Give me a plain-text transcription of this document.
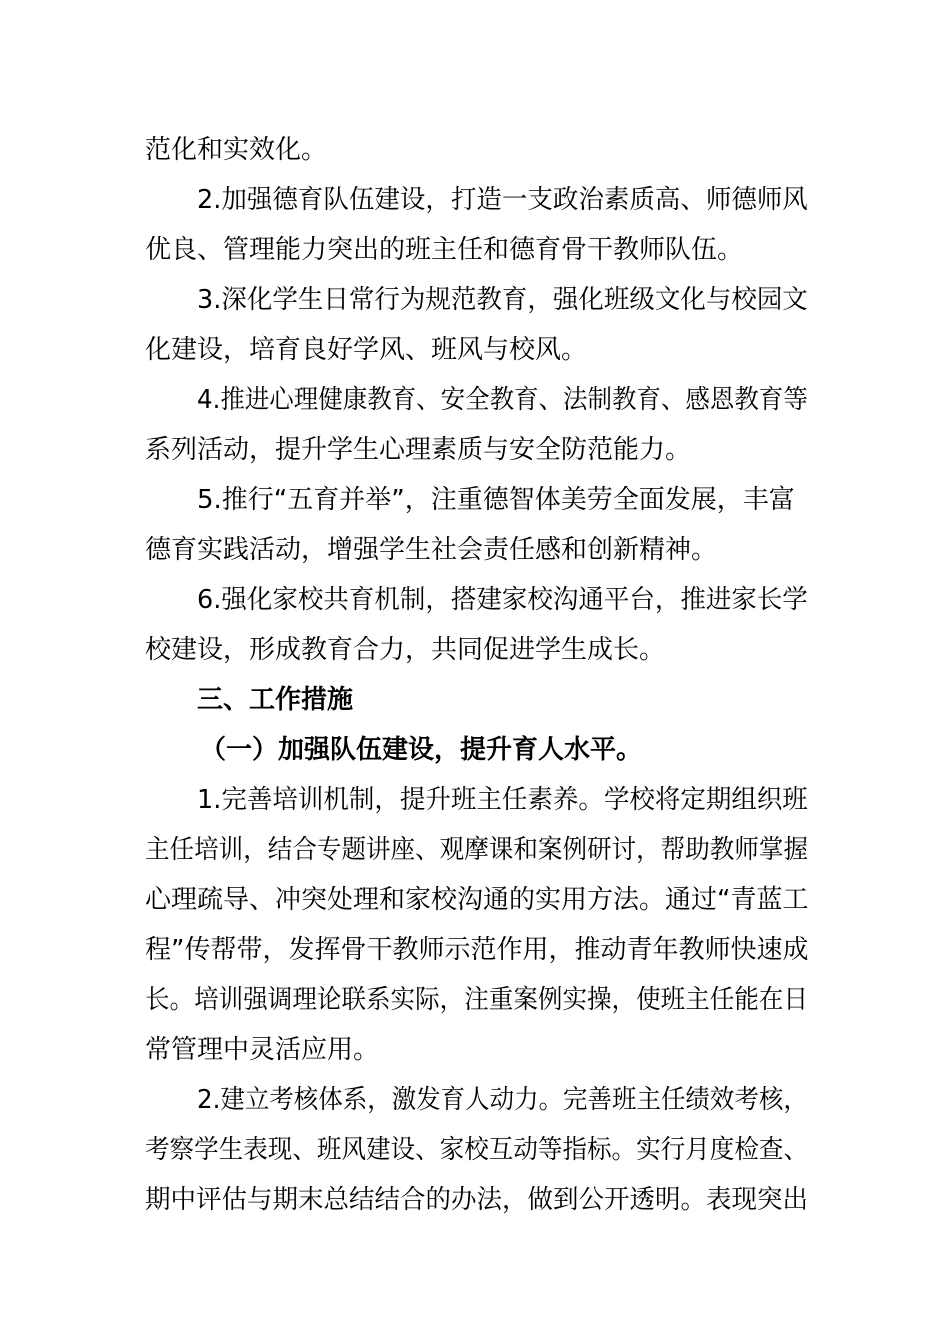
范化和实效化。
2.加强德育队伍建设，打造一支政治素质高、师德师风
优良、管理能力突出的班主任和德育骨干教师队伍。
3.深化学生日常行为规范教育，强化班级文化与校园文
化建设，培育良好学风、班风与校风。
4.推进心理健康教育、安全教育、法制教育、感恩教育等
系列活动，提升学生心理素质与安全防范能力。
5.推行“五育并举”，注重德智体美劳全面发展，丰富
德育实践活动，增强学生社会责任感和创新精神。
6.强化家校共育机制，搭建家校沟通平台，推进家长学
校建设，形成教育合力，共同促进学生成长。
三、工作措施
（一）加强队伍建设，提升育人水平。
1.完善培训机制，提升班主任素养。学校将定期组织班
主任培训，结合专题讲座、观摩课和案例研讨，帮助教师掌握
心理疏导、冲突处理和家校沟通的实用方法。通过“青蓝工
程”传帮带，发挥骨干教师示范作用，推动青年教师快速成
长。培训强调理论联系实际，注重案例实操，使班主任能在日
常管理中灵活应用。
2.建立考核体系，激发育人动力。完善班主任绩效考核，
考察学生表现、班风建设、家校互动等指标。实行月度检查、
期中评估与期末总结结合的办法，做到公开透明。表现突出
